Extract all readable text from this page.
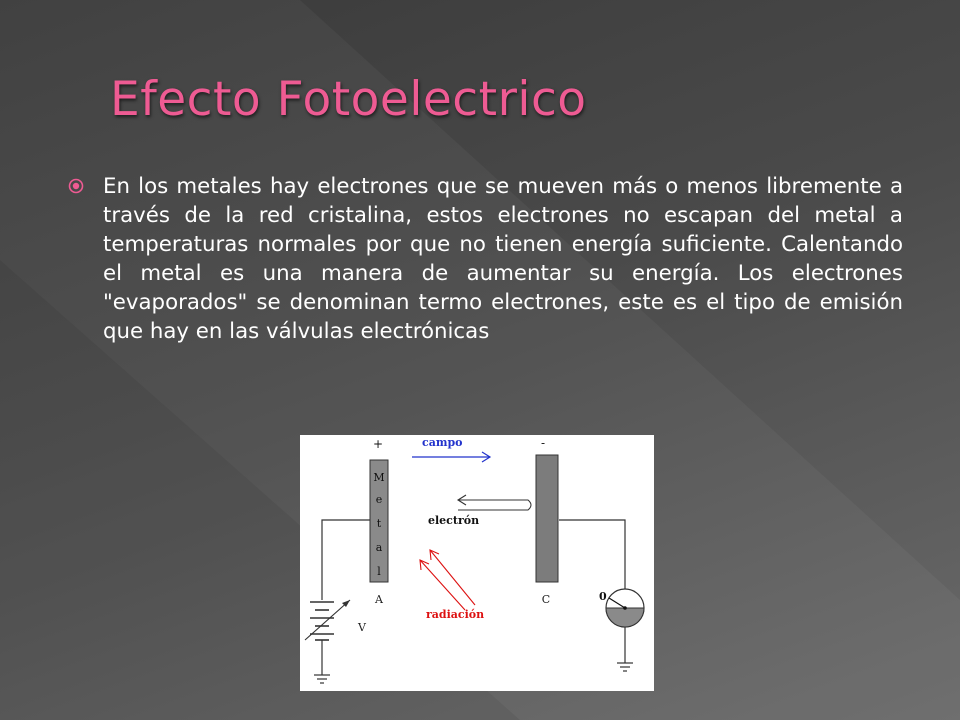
Efecto Fotoelectrico

En los metales hay electrones que se mueven más o menos libremente a través de la red cristalina, estos electrones no escapan del metal a temperaturas normales por que no tienen energía suficiente. Calentando el metal es una manera de aumentar su energía. Los electrones "evaporados" se denominan termo electrones, este es el tipo de emisión que hay en las válvulas electrónicas

V
M
e
t
a
l
+
A
-
C
campo
electrón
radiación
0
